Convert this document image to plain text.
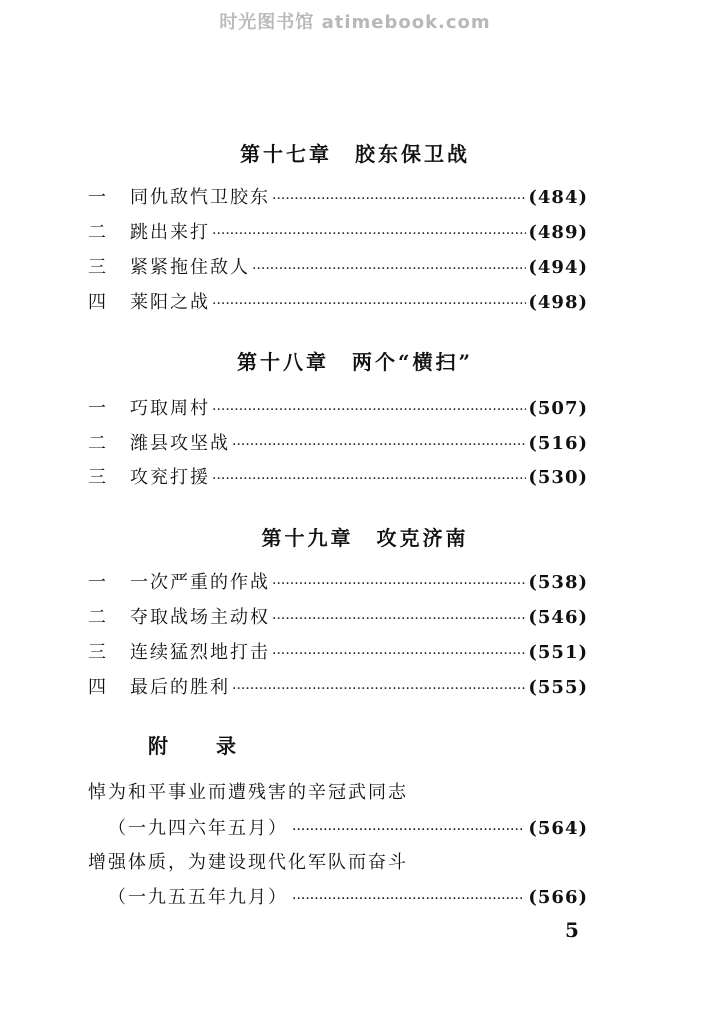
时光图书馆 atimebook.com
第十七章　胶东保卫战
一	同仇敌忾卫胶东 ·····	(484)
二	跳出来打 ·····	(489)
三	紧紧拖住敌人 ·····	(494)
四	莱阳之战 ·····	(498)
第十八章　两个“横扫”
一	巧取周村 ·····	(507)
二	潍县攻坚战 ·····	(516)
三	攻兖打援 ·····	(530)
第十九章　攻克济南
一	一次严重的作战 ·····	(538)
二	夺取战场主动权 ·····	(546)
三	连续猛烈地打击 ·····	(551)
四	最后的胜利 ·····	(555)
附 录
悼为和平事业而遭残害的辛冠武同志
（一九四六年五月） ·····	(564)
增强体质，为建设现代化军队而奋斗
（一九五五年九月） ·····	(566)
5
